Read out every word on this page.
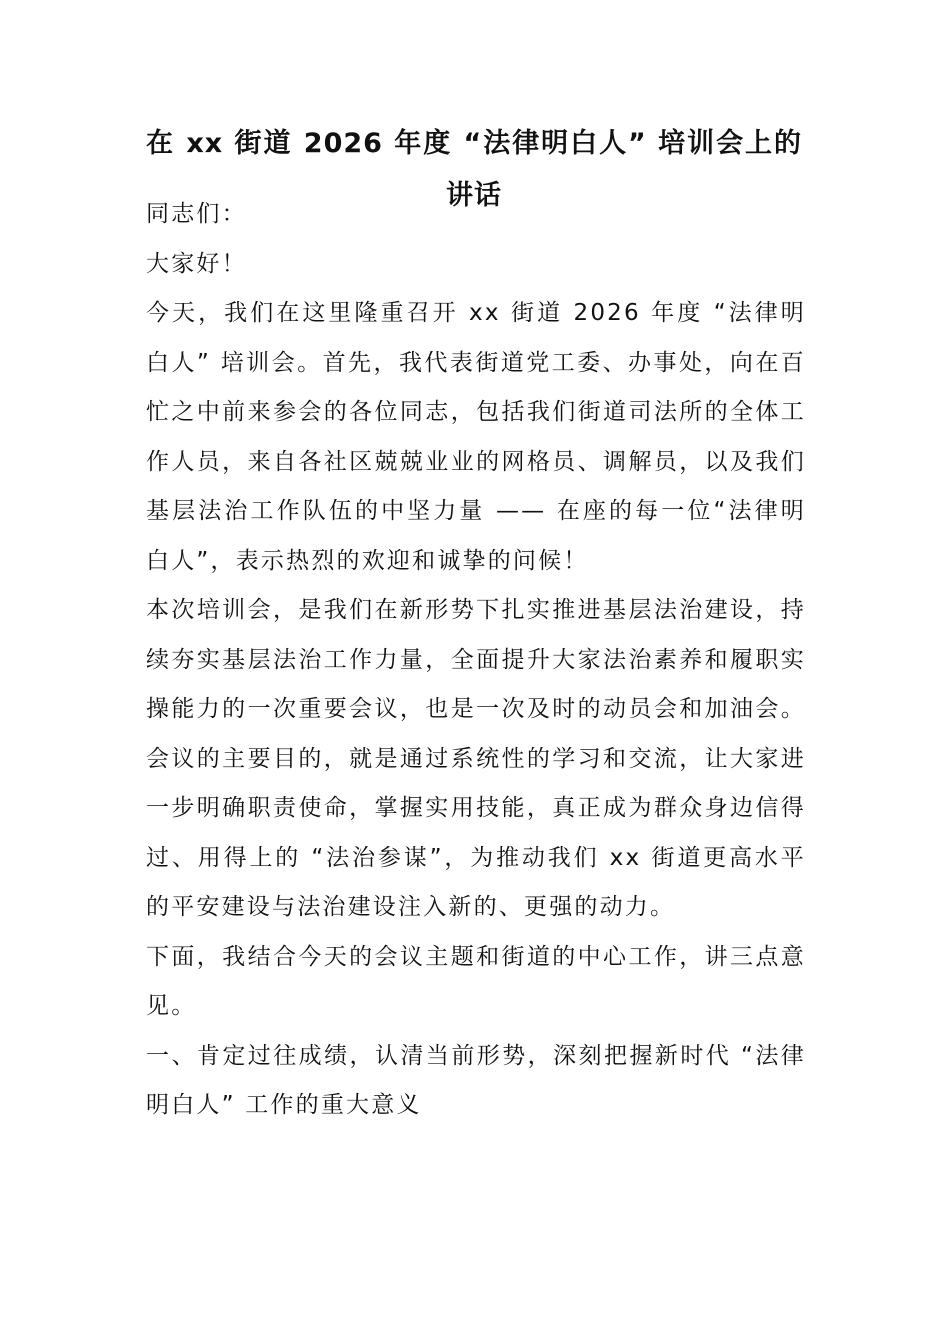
在 xx 街道 2026 年度 “法律明白人” 培训会上的讲话

同志们：

大家好！

今天，我们在这里隆重召开 xx 街道 2026 年度 “法律明白人” 培训会。首先，我代表街道党工委、办事处，向在百忙之中前来参会的各位同志，包括我们街道司法所的全体工作人员，来自各社区兢兢业业的网格员、调解员，以及我们基层法治工作队伍的中坚力量 —— 在座的每一位“法律明白人”，表示热烈的欢迎和诚挚的问候！

本次培训会，是我们在新形势下扎实推进基层法治建设，持续夯实基层法治工作力量，全面提升大家法治素养和履职实操能力的一次重要会议，也是一次及时的动员会和加油会。会议的主要目的，就是通过系统性的学习和交流，让大家进一步明确职责使命，掌握实用技能，真正成为群众身边信得过、用得上的 “法治参谋”，为推动我们 xx 街道更高水平的平安建设与法治建设注入新的、更强的动力。

下面，我结合今天的会议主题和街道的中心工作，讲三点意见。

一、肯定过往成绩，认清当前形势，深刻把握新时代 “法律明白人” 工作的重大意义
